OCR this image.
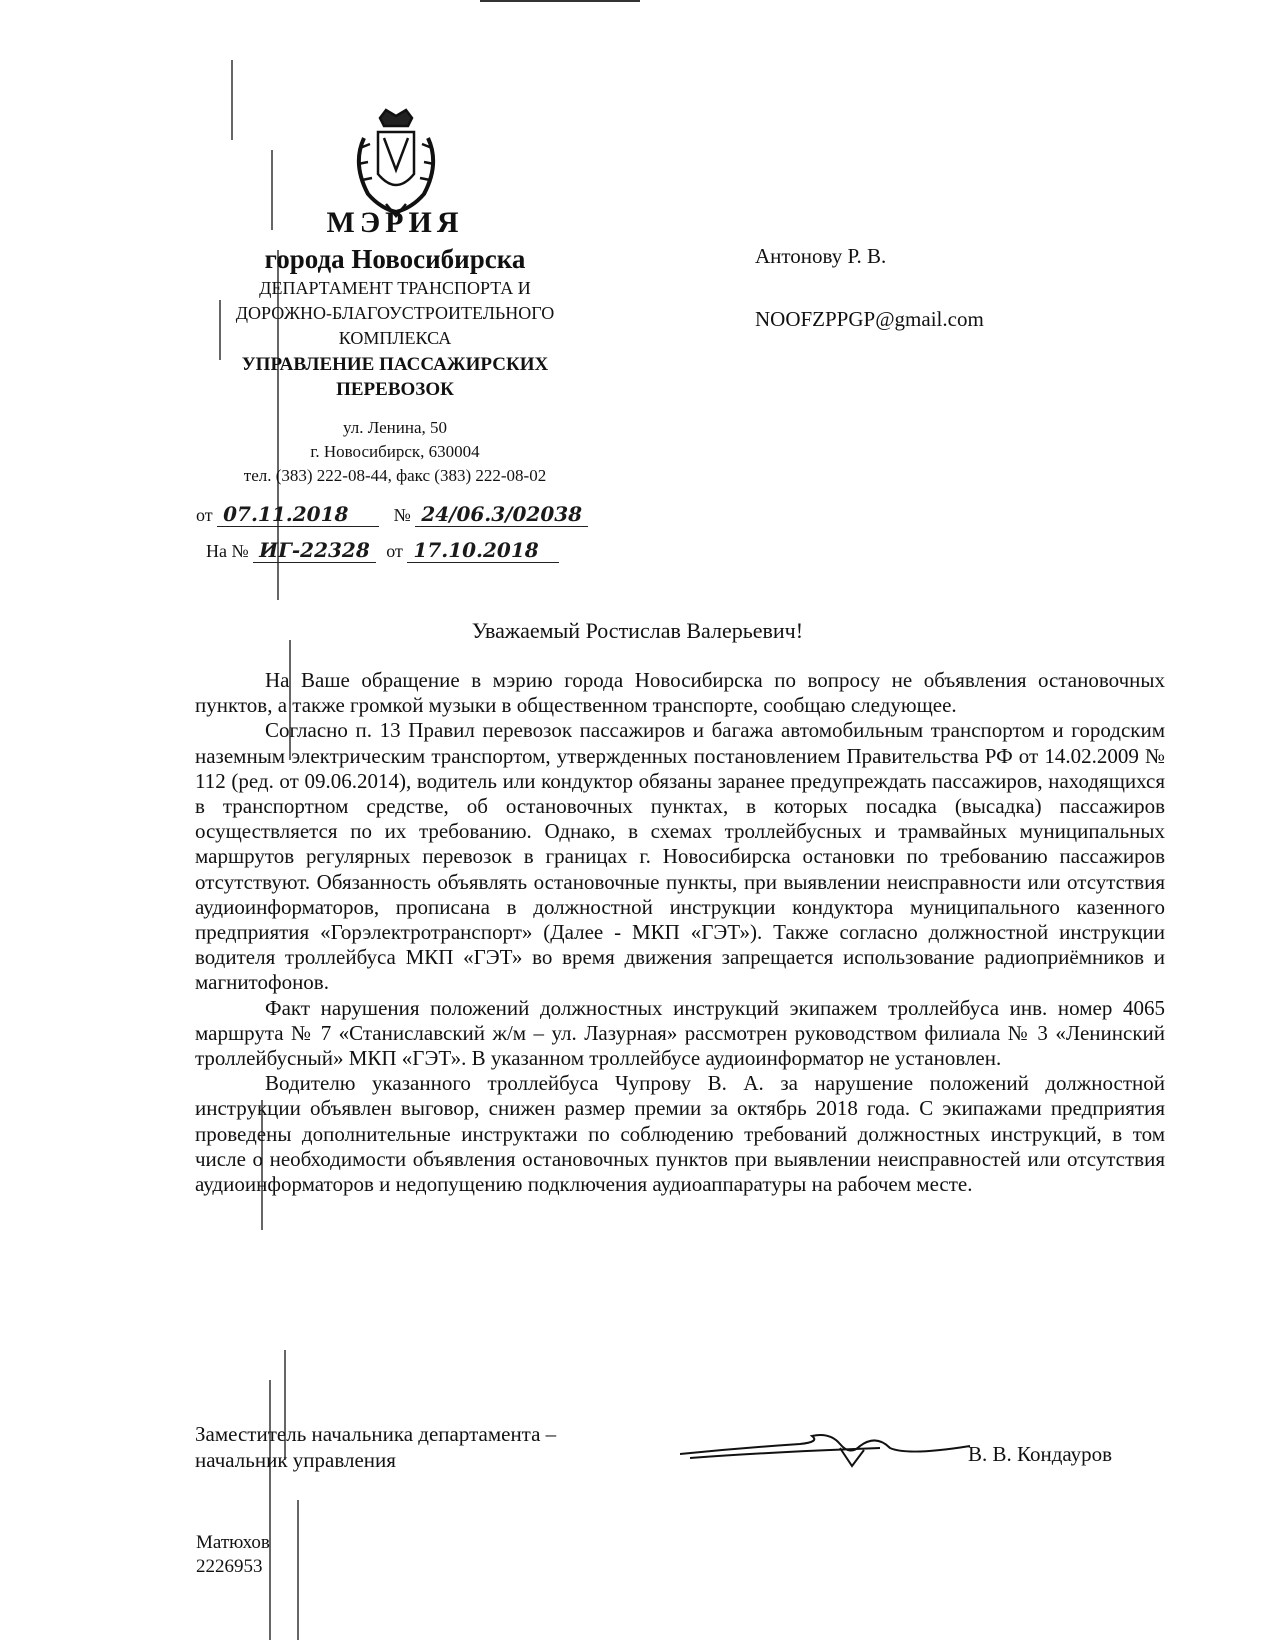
МЭРИЯ
города Новосибирска
ДЕПАРТАМЕНТ ТРАНСПОРТА И
ДОРОЖНО-БЛАГОУСТРОИТЕЛЬНОГО
КОМПЛЕКСА
УПРАВЛЕНИЕ ПАССАЖИРСКИХ
ПЕРЕВОЗОК
ул. Ленина, 50
г. Новосибирск, 630004
тел. (383) 222-08-44, факс (383) 222-08-02
от 07.11.2018	№ 24/06.3/02038
На № ИГ-22328 от 17.10.2018
Антонову Р. В.
NOOFZPPGP@gmail.com
Уважаемый Ростислав Валерьевич!

На Ваше обращение в мэрию города Новосибирска по вопросу не объявления остановочных пунктов, а также громкой музыки в общественном транспорте, сообщаю следующее.

Согласно п. 13 Правил перевозок пассажиров и багажа автомобильным транспортом и городским наземным электрическим транспортом, утвержденных постановлением Правительства РФ от 14.02.2009 № 112 (ред. от 09.06.2014), водитель или кондуктор обязаны заранее предупреждать пассажиров, находящихся в транспортном средстве, об остановочных пунктах, в которых посадка (высадка) пассажиров осуществляется по их требованию. Однако, в схемах троллейбусных и трамвайных муниципальных маршрутов регулярных перевозок в границах г. Новосибирска остановки по требованию пассажиров отсутствуют. Обязанность объявлять остановочные пункты, при выявлении неисправности или отсутствия аудиоинформаторов, прописана в должностной инструкции кондуктора муниципального казенного предприятия «Горэлектротранспорт» (Далее - МКП «ГЭТ»). Также согласно должностной инструкции водителя троллейбуса МКП «ГЭТ» во время движения запрещается использование радиоприёмников и магнитофонов.

Факт нарушения положений должностных инструкций экипажем троллейбуса инв. номер 4065 маршрута № 7 «Станиславский ж/м – ул. Лазурная» рассмотрен руководством филиала № 3 «Ленинский троллейбусный» МКП «ГЭТ». В указанном троллейбусе аудиоинформатор не установлен.

Водителю указанного троллейбуса Чупрову В. А. за нарушение положений должностной инструкции объявлен выговор, снижен размер премии за октябрь 2018 года. С экипажами предприятия проведены дополнительные инструктажи по соблюдению требований должностных инструкций, в том числе о необходимости объявления остановочных пунктов при выявлении неисправностей или отсутствия аудиоинформаторов и недопущению подключения аудиоаппаратуры на рабочем месте.

Заместитель начальника департамента –
начальник управления	В. В. Кондауров
Матюхов
2226953
